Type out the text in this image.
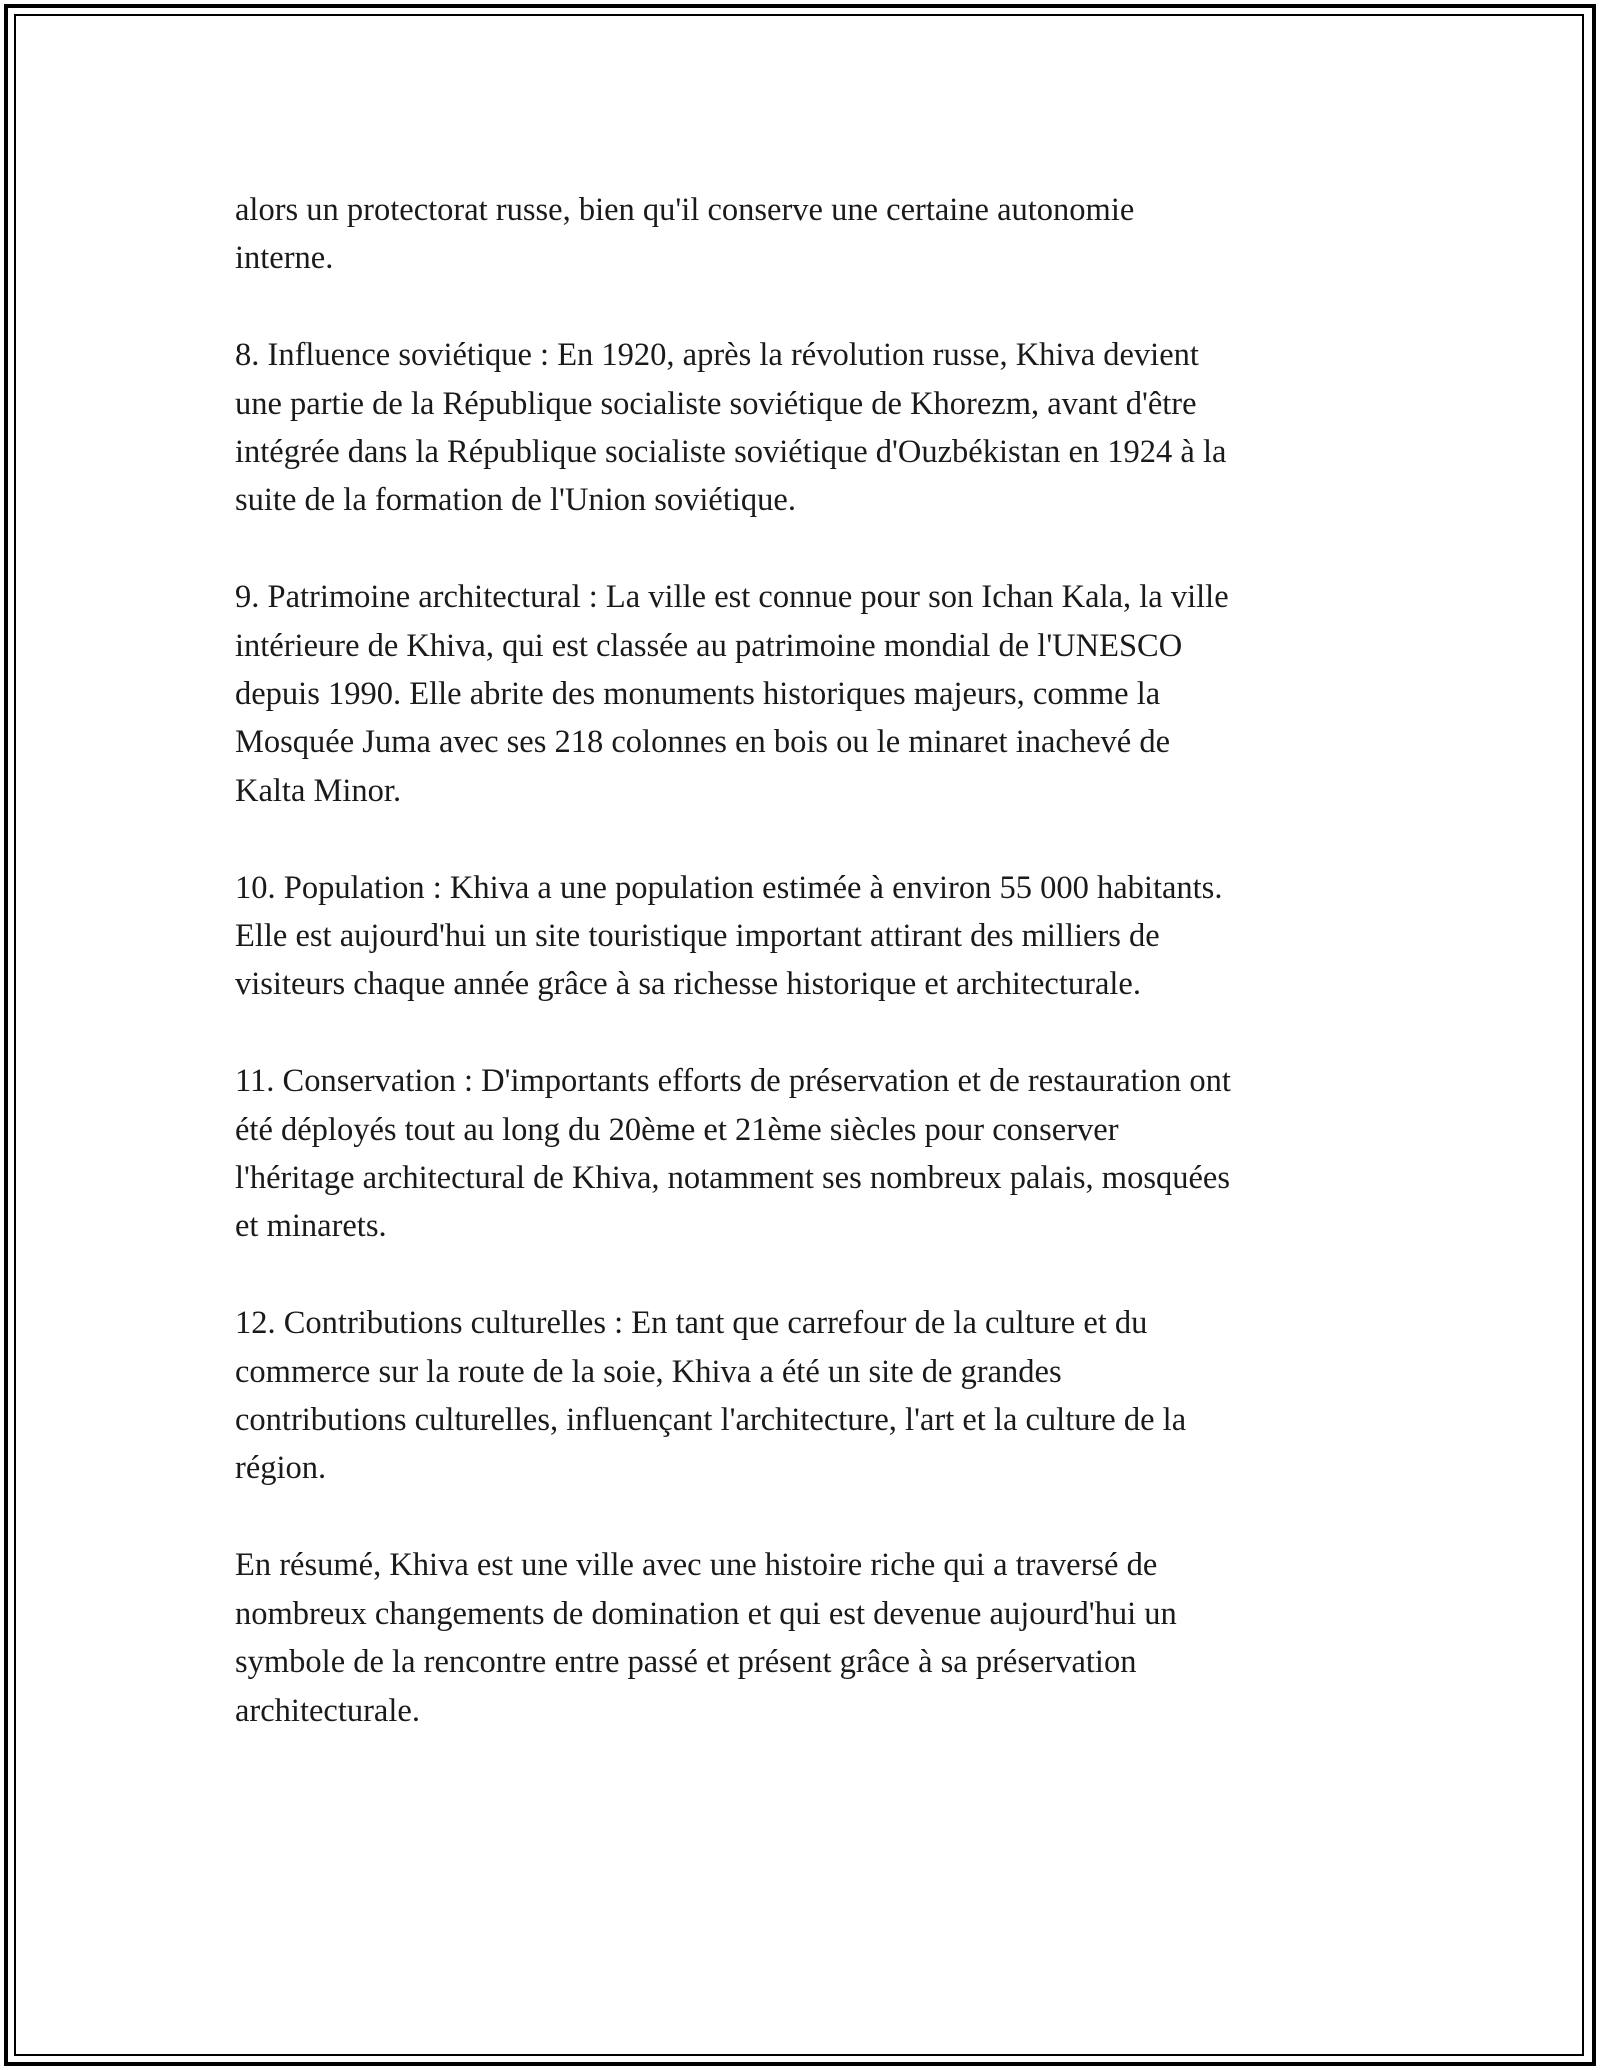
alors un protectorat russe, bien qu'il conserve une certaine autonomie
interne.

8. Influence soviétique : En 1920, après la révolution russe, Khiva devient
une partie de la République socialiste soviétique de Khorezm, avant d'être
intégrée dans la République socialiste soviétique d'Ouzbékistan en 1924 à la
suite de la formation de l'Union soviétique.

9. Patrimoine architectural : La ville est connue pour son Ichan Kala, la ville
intérieure de Khiva, qui est classée au patrimoine mondial de l'UNESCO
depuis 1990. Elle abrite des monuments historiques majeurs, comme la
Mosquée Juma avec ses 218 colonnes en bois ou le minaret inachevé de
Kalta Minor.

10. Population : Khiva a une population estimée à environ 55 000 habitants.
Elle est aujourd'hui un site touristique important attirant des milliers de
visiteurs chaque année grâce à sa richesse historique et architecturale.

11. Conservation : D'importants efforts de préservation et de restauration ont
été déployés tout au long du 20ème et 21ème siècles pour conserver
l'héritage architectural de Khiva, notamment ses nombreux palais, mosquées
et minarets.

12. Contributions culturelles : En tant que carrefour de la culture et du
commerce sur la route de la soie, Khiva a été un site de grandes
contributions culturelles, influençant l'architecture, l'art et la culture de la
région.

En résumé, Khiva est une ville avec une histoire riche qui a traversé de
nombreux changements de domination et qui est devenue aujourd'hui un
symbole de la rencontre entre passé et présent grâce à sa préservation
architecturale.
